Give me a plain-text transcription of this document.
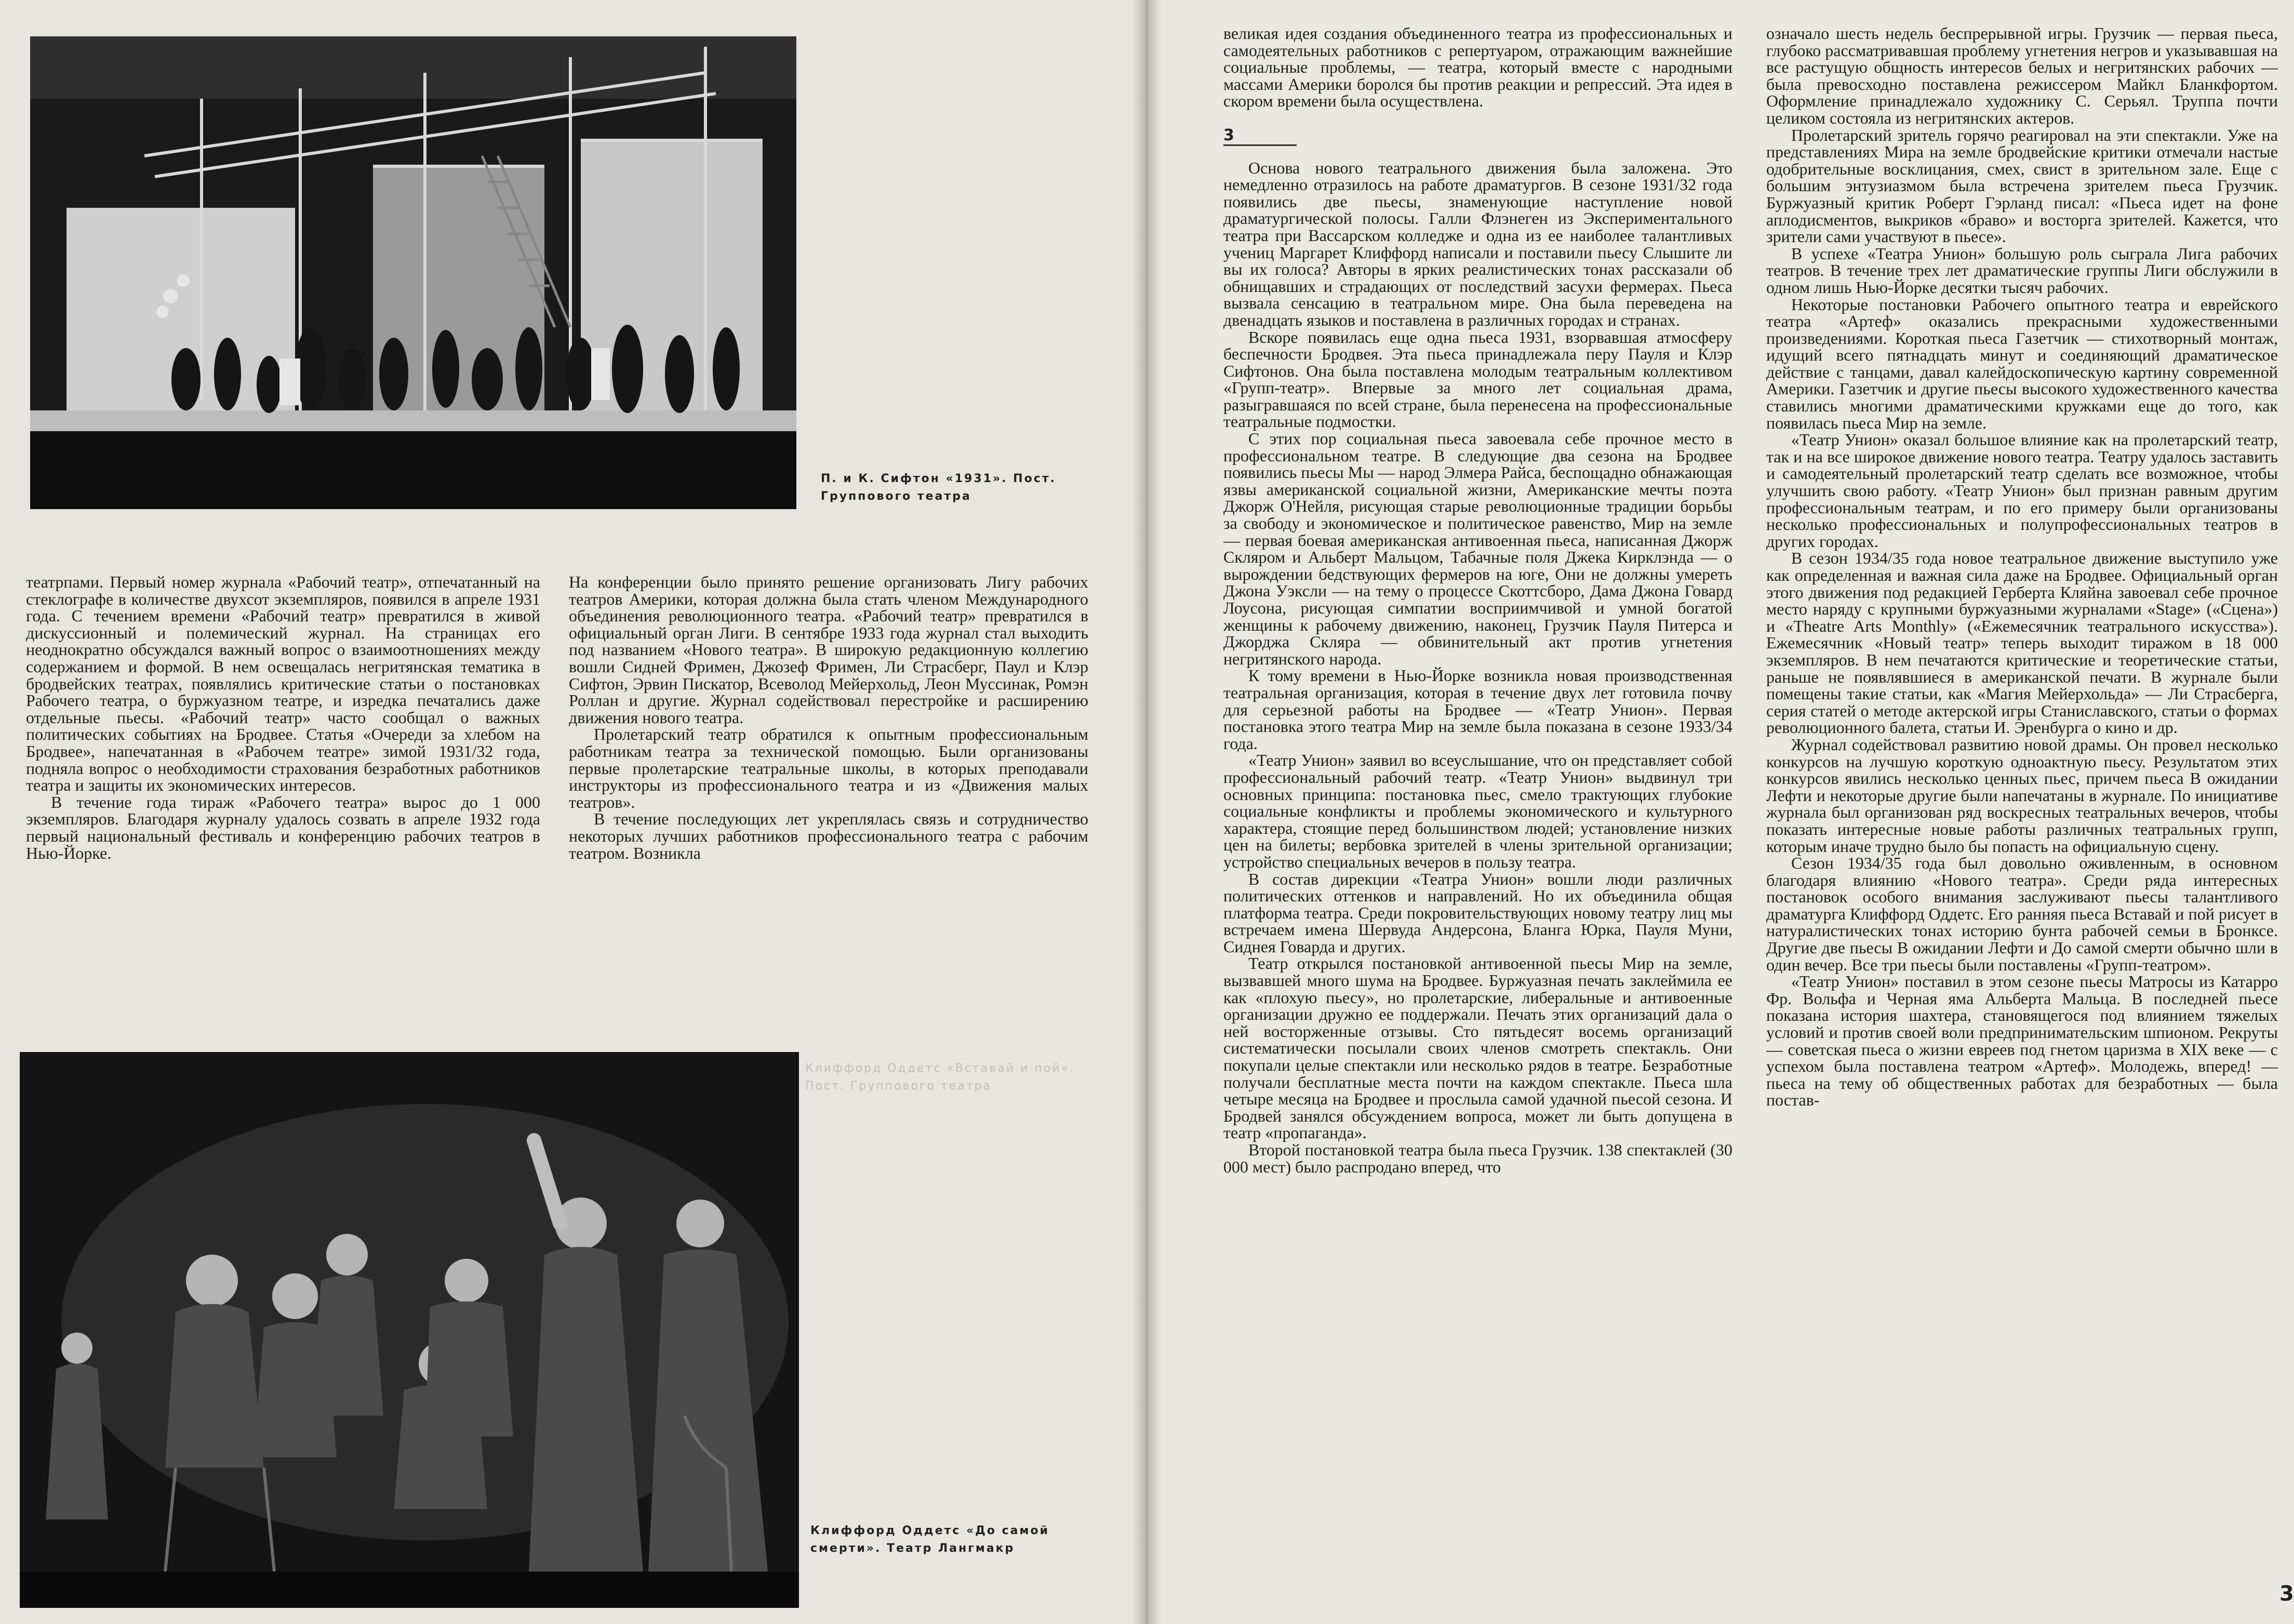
П. и К. Сифтон «1931». Пост. Группового театра
Клиффорд Оддетс «Вставай и пой». Пост. Группового театра
Клиффорд Оддетс «До самой смерти». Театр Лангмакр

театрпами. Первый номер журнала «Рабочий театр», отпечатанный на стеклографе в количестве двухсот экземпляров, появился в апреле 1931 года. С течением времени «Рабочий театр» превратился в живой дискуссионный и полемический журнал. На страницах его неоднократно обсуждался важный вопрос о взаимоотношениях между содержанием и формой. В нем освещалась негритянская тематика в бродвейских театрах, появлялись критические статьи о постановках Рабочего театра, о буржуазном театре, и изредка печатались даже отдельные пьесы. «Рабочий театр» часто сообщал о важных политических событиях на Бродвее. Статья «Очереди за хлебом на Бродвее», напечатанная в «Рабочем театре» зимой 1931/32 года, подняла вопрос о необходимости страхования безработных работников театра и защиты их экономических интересов.

В течение года тираж «Рабочего театра» вырос до 1 000 экземпляров. Благодаря журналу удалось созвать в апреле 1932 года первый национальный фестиваль и конференцию рабочих театров в Нью-Йорке.

На конференции было принято решение организовать Лигу рабочих театров Америки, которая должна была стать членом Международного объединения революционного театра. «Рабочий театр» превратился в официальный орган Лиги. В сентябре 1933 года журнал стал выходить под названием «Нового театра». В широкую редакционную коллегию вошли Сидней Фримен, Джозеф Фримен, Ли Страсберг, Паул и Клэр Сифтон, Эрвин Пискатор, Всеволод Мейерхольд, Леон Муссинак, Ромэн Роллан и другие. Журнал содействовал перестройке и расширению движения нового театра.

Пролетарский театр обратился к опытным профессиональным работникам театра за технической помощью. Были организованы первые пролетарские театральные школы, в которых преподавали инструкторы из профессионального театра и из «Движения малых театров».

В течение последующих лет укреплялась связь и сотрудничество некоторых лучших работников профессионального театра с рабочим театром. Возникла

великая идея создания объединенного театра из профессиональных и самодеятельных работников с репертуаром, отражающим важнейшие социальные проблемы, — театра, который вместе с народными массами Америки боролся бы против реакции и репрессий. Эта идея в скором времени была осуществлена.

3

Основа нового театрального движения была заложена. Это немедленно отразилось на работе драматургов. В сезоне 1931/32 года появились две пьесы, знаменующие наступление новой драматургической полосы. Галли Флэнеген из Экспериментального театра при Вассарском колледже и одна из ее наиболее талантливых учениц Маргарет Клиффорд написали и поставили пьесу Слышите ли вы их голоса? Авторы в ярких реалистических тонах рассказали об обнищавших и страдающих от последствий засухи фермерах. Пьеса вызвала сенсацию в театральном мире. Она была переведена на двенадцать языков и поставлена в различных городах и странах.

Вскоре появилась еще одна пьеса 1931, взорвавшая атмосферу беспечности Бродвея. Эта пьеса принадлежала перу Пауля и Клэр Сифтонов. Она была поставлена молодым театральным коллективом «Групп-театр». Впервые за много лет социальная драма, разыгравшаяся по всей стране, была перенесена на профессиональные театральные подмостки.

С этих пор социальная пьеса завоевала себе прочное место в профессиональном театре. В следующие два сезона на Бродвее появились пьесы Мы — народ Элмера Райса, беспощадно обнажающая язвы американской социальной жизни, Американские мечты поэта Джорж О'Нейля, рисующая старые революционные традиции борьбы за свободу и экономическое и политическое равенство, Мир на земле — первая боевая американская антивоенная пьеса, написанная Джорж Скляром и Альберт Мальцом, Табачные поля Джека Кирклэнда — о вырождении бедствующих фермеров на юге, Они не должны умереть Джона Уэксли — на тему о процессе Скоттсборо, Дама Джона Говард Лоусона, рисующая симпатии восприимчивой и умной богатой женщины к рабочему движению, наконец, Грузчик Пауля Питерса и Джорджа Скляра — обвинительный акт против угнетения негритянского народа.

К тому времени в Нью-Йорке возникла новая производственная театральная организация, которая в течение двух лет готовила почву для серьезной работы на Бродвее — «Театр Унион». Первая постановка этого театра Мир на земле была показана в сезоне 1933/34 года.

«Театр Унион» заявил во всеуслышание, что он представляет собой профессиональный рабочий театр. «Театр Унион» выдвинул три основных принципа: постановка пьес, смело трактующих глубокие социальные конфликты и проблемы экономического и культурного характера, стоящие перед большинством людей; установление низких цен на билеты; вербовка зрителей в члены зрительной организации; устройство специальных вечеров в пользу театра.

В состав дирекции «Театра Унион» вошли люди различных политических оттенков и направлений. Но их объединила общая платформа театра. Среди покровительствующих новому театру лиц мы встречаем имена Шервуда Андерсона, Бланга Юрка, Пауля Муни, Сиднея Говарда и других.

Театр открылся постановкой антивоенной пьесы Мир на земле, вызвавшей много шума на Бродвее. Буржуазная печать заклеймила ее как «плохую пьесу», но пролетарские, либеральные и антивоенные организации дружно ее поддержали. Печать этих организаций дала о ней восторженные отзывы. Сто пятьдесят восемь организаций систематически посылали своих членов смотреть спектакль. Они покупали целые спектакли или несколько рядов в театре. Безработные получали бесплатные места почти на каждом спектакле. Пьеса шла четыре месяца на Бродвее и прослыла самой удачной пьесой сезона. И Бродвей занялся обсуждением вопроса, может ли быть допущена в театр «пропаганда».

Второй постановкой театра была пьеса Грузчик. 138 спектаклей (30 000 мест) было распродано вперед, что

означало шесть недель беспрерывной игры. Грузчик — первая пьеса, глубоко рассматривавшая проблему угнетения негров и указывавшая на все растущую общность интересов белых и негритянских рабочих — была превосходно поставлена режиссером Майкл Бланкфортом. Оформление принадлежало художнику С. Серьял. Труппа почти целиком состояла из негритянских актеров.

Пролетарский зритель горячо реагировал на эти спектакли. Уже на представлениях Мира на земле бродвейские критики отмечали настые одобрительные восклицания, смех, свист в зрительном зале. Еще с большим энтузиазмом была встречена зрителем пьеса Грузчик. Буржуазный критик Роберт Гэрланд писал: «Пьеса идет на фоне аплодисментов, выкриков «браво» и восторга зрителей. Кажется, что зрители сами участвуют в пьесе».

В успехе «Театра Унион» большую роль сыграла Лига рабочих театров. В течение трех лет драматические группы Лиги обслужили в одном лишь Нью-Йорке десятки тысяч рабочих.

Некоторые постановки Рабочего опытного театра и еврейского театра «Артеф» оказались прекрасными художественными произведениями. Короткая пьеса Газетчик — стихотворный монтаж, идущий всего пятнадцать минут и соединяющий драматическое действие с танцами, давал калейдоскопическую картину современной Америки. Газетчик и другие пьесы высокого художественного качества ставились многими драматическими кружками еще до того, как появилась пьеса Мир на земле.

«Театр Унион» оказал большое влияние как на пролетарский театр, так и на все широкое движение нового театра. Театру удалось заставить и самодеятельный пролетарский театр сделать все возможное, чтобы улучшить свою работу. «Театр Унион» был признан равным другим профессиональным театрам, и по его примеру были организованы несколько профессиональных и полупрофессиональных театров в других городах.

В сезон 1934/35 года новое театральное движение выступило уже как определенная и важная сила даже на Бродвее. Официальный орган этого движения под редакцией Герберта Кляйна завоевал себе прочное место наряду с крупными буржуазными журналами «Stage» («Сцена») и «Theatre Arts Monthly» («Ежемесячник театрального искусства»). Ежемесячник «Новый театр» теперь выходит тиражом в 18 000 экземпляров. В нем печатаются критические и теоретические статьи, раньше не появлявшиеся в американской печати. В журнале были помещены такие статьи, как «Магия Мейерхольда» — Ли Страсберга, серия статей о методе актерской игры Станиславского, статьи о формах революционного балета, статьи И. Эренбурга о кино и др.

Журнал содействовал развитию новой драмы. Он провел несколько конкурсов на лучшую короткую одноактную пьесу. Результатом этих конкурсов явились несколько ценных пьес, причем пьеса В ожидании Лефти и некоторые другие были напечатаны в журнале. По инициативе журнала был организован ряд воскресных театральных вечеров, чтобы показать интересные новые работы различных театральных групп, которым иначе трудно было бы попасть на официальную сцену.

Сезон 1934/35 года был довольно оживленным, в основном благодаря влиянию «Нового театра». Среди ряда интересных постановок особого внимания заслуживают пьесы талантливого драматурга Клиффорд Оддетс. Его ранняя пьеса Вставай и пой рисует в натуралистических тонах историю бунта рабочей семьи в Бронксе. Другие две пьесы В ожидании Лефти и До самой смерти обычно шли в один вечер. Все три пьесы были поставлены «Групп-театром».

«Театр Унион» поставил в этом сезоне пьесы Матросы из Катарро Фр. Вольфа и Черная яма Альберта Мальца. В последней пьесе показана история шахтера, становящегося под влиянием тяжелых условий и против своей воли предпринимательским шпионом. Рекруты — советская пьеса о жизни евреев под гнетом царизма в XIX веке — с успехом была поставлена театром «Артеф». Молодежь, вперед! — пьеса на тему об общественных работах для безработных — была постав-

3
